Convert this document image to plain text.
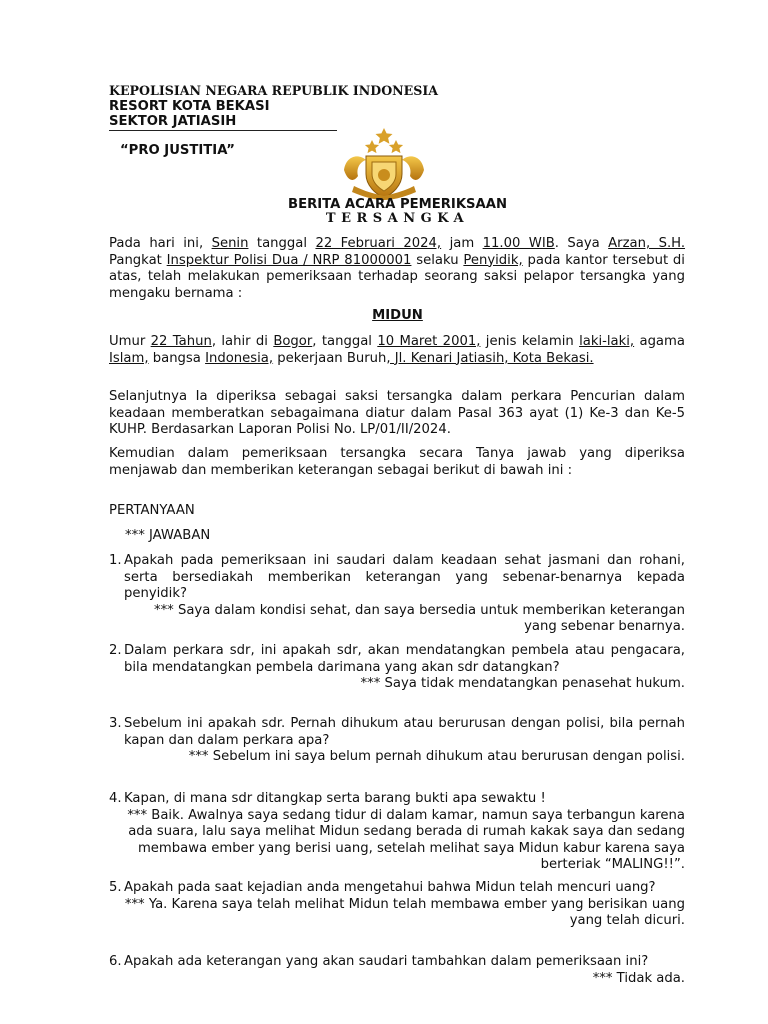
KEPOLISIAN NEGARA REPUBLIK INDONESIA
RESORT KOTA BEKASI
SEKTOR JATIASIH
“PRO JUSTITIA”
BERITA ACARA PEMERIKSAAN
TERSANGKA
Pada hari ini, Senin tanggal 22 Februari 2024, jam 11.00 WIB. Saya Arzan, S.H. Pangkat Inspektur Polisi Dua / NRP 81000001 selaku Penyidik, pada kantor tersebut di atas, telah melakukan pemeriksaan terhadap seorang saksi pelapor tersangka yang mengaku bernama :
MIDUN
Umur 22 Tahun, lahir di Bogor, tanggal 10 Maret 2001, jenis kelamin laki-laki, agama Islam, bangsa Indonesia, pekerjaan Buruh, Jl. Kenari Jatiasih, Kota Bekasi.
Selanjutnya Ia diperiksa sebagai saksi tersangka dalam perkara Pencurian dalam keadaan memberatkan sebagaimana diatur dalam Pasal 363 ayat (1) Ke-3 dan Ke-5 KUHP. Berdasarkan Laporan Polisi No. LP/01/II/2024.
Kemudian dalam pemeriksaan tersangka secara Tanya jawab yang diperiksa menjawab dan memberikan keterangan sebagai berikut di bawah ini :
PERTANYAAN
*** JAWABAN
1. Apakah pada pemeriksaan ini saudari dalam keadaan sehat jasmani dan rohani, serta bersediakah memberikan keterangan yang sebenar-benarnya kepada penyidik?
*** Saya dalam kondisi sehat, dan saya bersedia untuk memberikan keterangan yang sebenar benarnya.
2. Dalam perkara sdr, ini apakah sdr, akan mendatangkan pembela atau pengacara, bila mendatangkan pembela darimana yang akan sdr datangkan?
*** Saya tidak mendatangkan penasehat hukum.
3. Sebelum ini apakah sdr. Pernah dihukum atau berurusan dengan polisi, bila pernah kapan dan dalam perkara apa?
*** Sebelum ini saya belum pernah dihukum atau berurusan dengan polisi.
4. Kapan, di mana sdr ditangkap serta barang bukti apa sewaktu !
*** Baik. Awalnya saya sedang tidur di dalam kamar, namun saya terbangun karena ada suara, lalu saya melihat Midun sedang berada di rumah kakak saya dan sedang membawa ember yang berisi uang, setelah melihat saya Midun kabur karena saya berteriak “MALING!!”.
5. Apakah pada saat kejadian anda mengetahui bahwa Midun telah mencuri uang?
*** Ya. Karena saya telah melihat Midun telah membawa ember yang berisikan uang yang telah dicuri.
6. Apakah ada keterangan yang akan saudari tambahkan dalam pemeriksaan ini?
*** Tidak ada.
